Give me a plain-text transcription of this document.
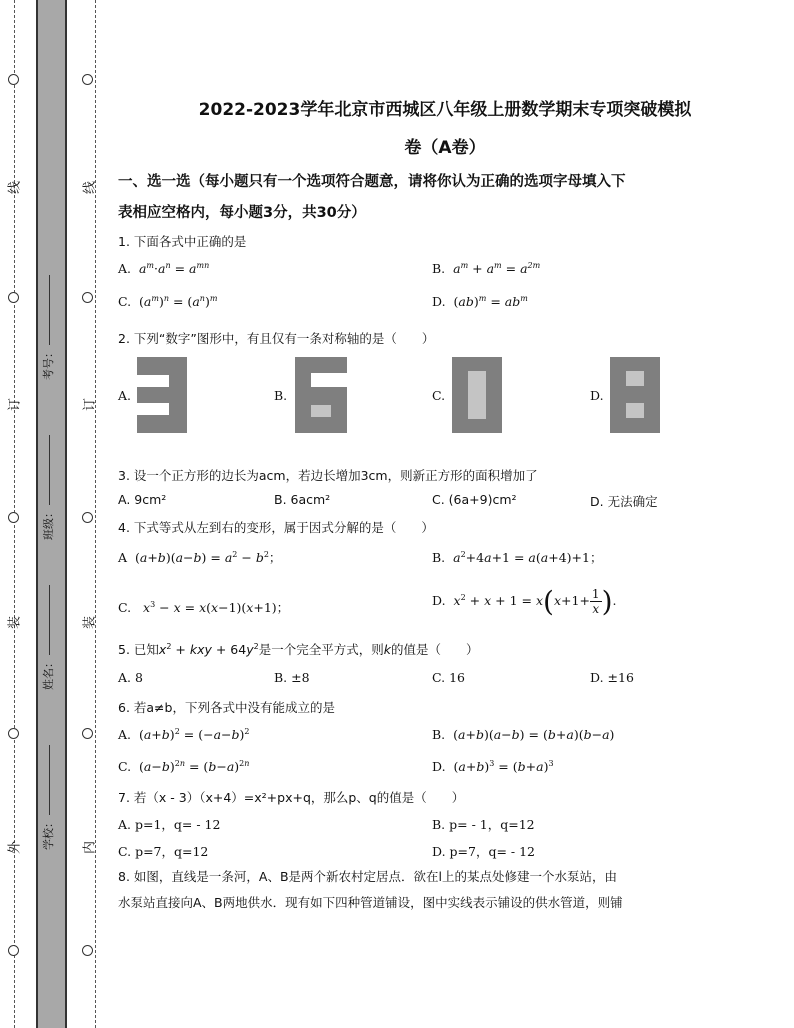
线
订
装
外
线
订
装
内
考号：
班级：
姓名：
学校：
2022-2023学年北京市西城区八年级上册数学期末专项突破模拟
卷（A卷）
一、选一选（每小题只有一个选项符合题意，请将你认为正确的选项字母填入下
表相应空格内，每小题3分，共30分）
1. 下面各式中正确的是
A. $a^m\cdot a^n = a^{mn}$	B. $a^m + a^m = a^{2m}$
C.  $(a^m)^n = (a^n)^m$	D.  $(ab)^m = ab^m$
2. 下列“数字”图形中，有且仅有一条对称轴的是（　　）
A.	B.	C.	D.
3. 设一个正方形的边长为acm，若边长增加3cm，则新正方形的面积增加了
A. 9cm²	B. 6acm²	C. (6a+9)cm²	D. 无法确定
4. 下式等式从左到右的变形，属于因式分解的是（　　）
A  $(a+b)(a-b) = a^2 - b^2$；	B. $a^2+4a+1 = a(a+4)+1$；
C. $x^3 - x = x(x-1)(x+1)$；	D. $x^2 + x + 1 = x(x+1+ \frac{1}{x}$ ).
5. 已知$x^2$ + kxy + $64y^2$是一个完全平方式，则k的值是（　　）
A. 8	B. ±8	C. 16	D. ±16
6. 若a≠b，下列各式中没有能成立的是
A.  $(a+b)^2 = (-a-b)^2$	B.  (a+b)(a−b) = (b+a)(b−a)
C.  $(a-b)^{2n} = (b-a)^{2n}$	D.  $(a+b)^3 = (b+a)^3$
7. 若（x - 3）（x+4）=x²+px+q，那么p、q的值是（　　）
A. p=1，q= - 12	B. p= - 1，q=12
C. p=7，q=12	D. p=7，q= - 12
8. 如图，直线是一条河，A、B是两个新农村定居点．欲在l上的某点处修建一个水泵站，由
水泵站直接向A、B两地供水．现有如下四种管道铺设，图中实线表示铺设的供水管道，则铺
